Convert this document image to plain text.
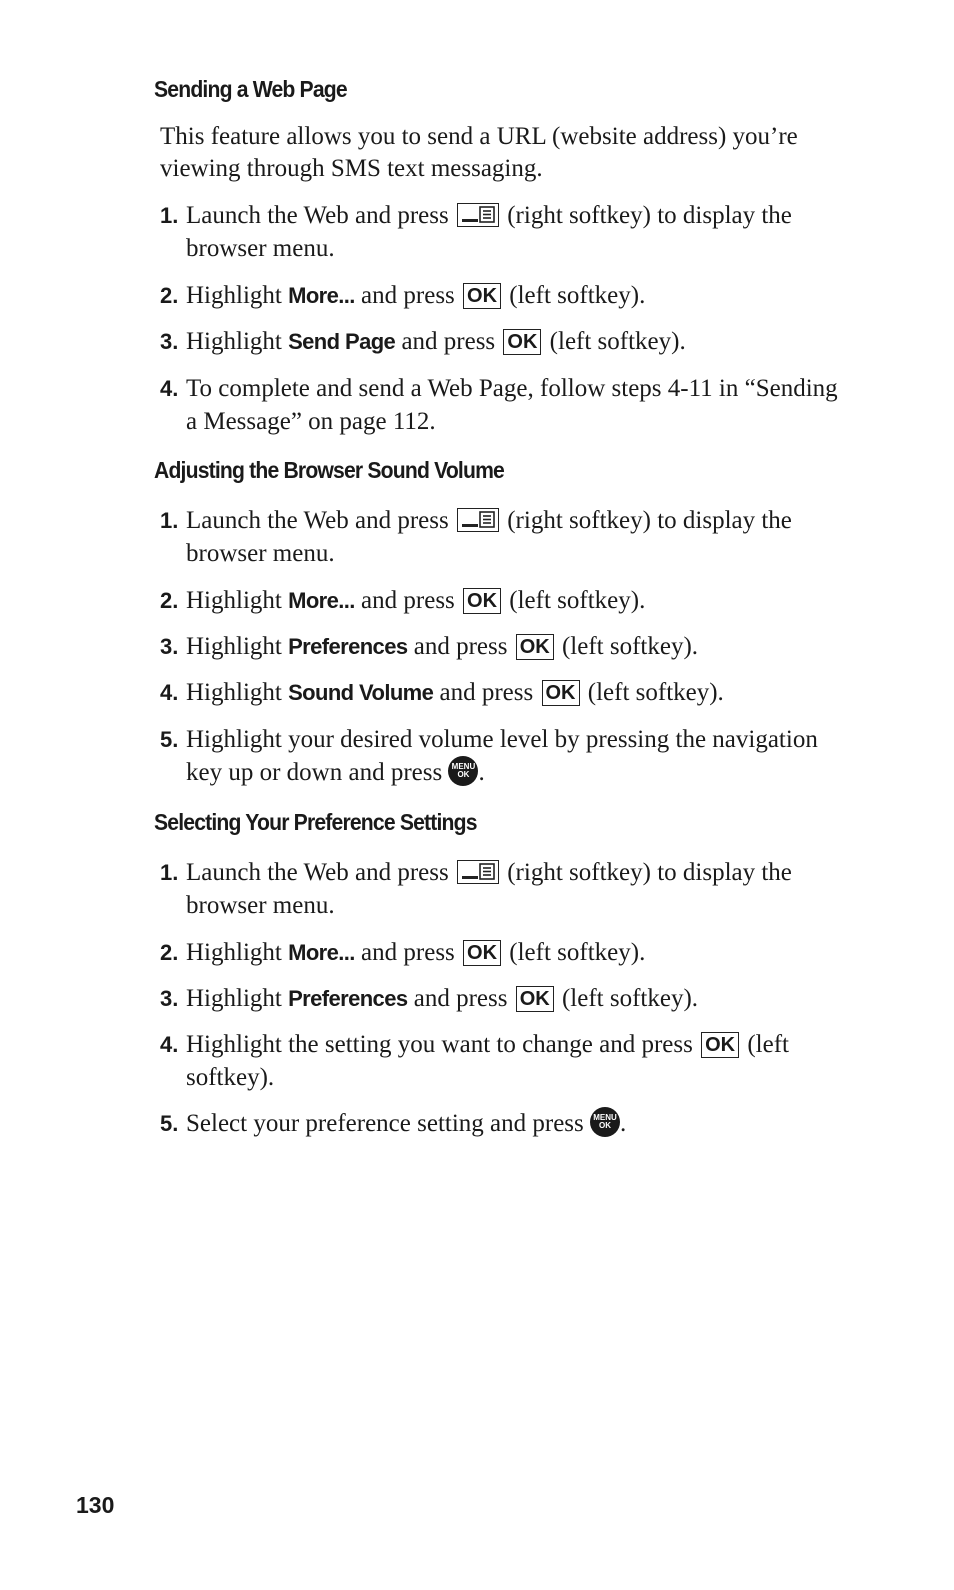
Sending a Web Page
This feature allows you to send a URL (website address) you’re viewing through SMS text messaging.
1. Launch the Web and press (right softkey) to display the browser menu.
2. Highlight More... and press OK (left softkey).
3. Highlight Send Page and press OK (left softkey).
4. To complete and send a Web Page, follow steps 4-11 in “Sending a Message” on page 112.
Adjusting the Browser Sound Volume
1. Launch the Web and press (right softkey) to display the browser menu.
2. Highlight More... and press OK (left softkey).
3. Highlight Preferences and press OK (left softkey).
4. Highlight Sound Volume and press OK (left softkey).
5. Highlight your desired volume level by pressing the navigation key up or down and press	MENU
OK .
Selecting Your Preference Settings
1. Launch the Web and press (right softkey) to display the browser menu.
2. Highlight More... and press OK (left softkey).
3. Highlight Preferences and press OK (left softkey).
4. Highlight the setting you want to change and press OK (left softkey).
5. Select your preference setting and press	MENU
OK .
130
